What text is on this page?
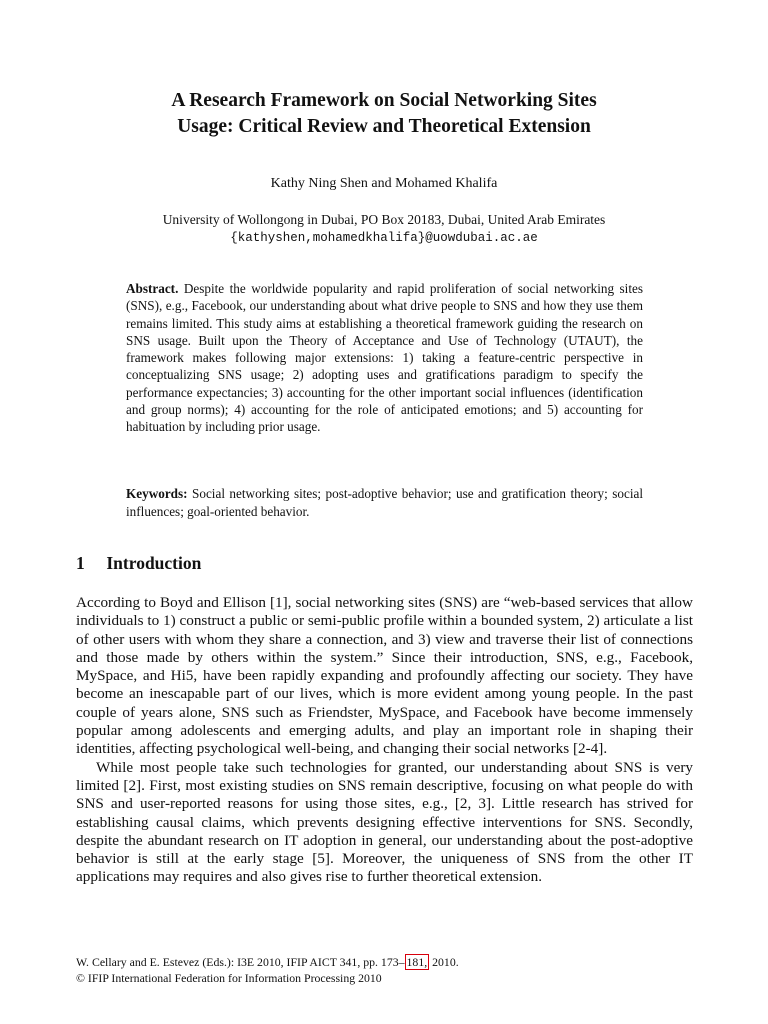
A Research Framework on Social Networking Sites
Usage: Critical Review and Theoretical Extension
Kathy Ning Shen and Mohamed Khalifa
University of Wollongong in Dubai, PO Box 20183, Dubai, United Arab Emirates
{kathyshen,mohamedkhalifa}@uowdubai.ac.ae
Abstract. Despite the worldwide popularity and rapid proliferation of social networking sites (SNS), e.g., Facebook, our understanding about what drive people to SNS and how they use them remains limited. This study aims at establishing a theoretical framework guiding the research on SNS usage. Built upon the Theory of Acceptance and Use of Technology (UTAUT), the framework makes following major extensions: 1) taking a feature-centric perspective in conceptualizing SNS usage; 2) adopting uses and gratifications paradigm to specify the performance expectancies; 3) accounting for the other important social influences (identification and group norms); 4) accounting for the role of anticipated emotions; and 5) accounting for habituation by including prior usage.
Keywords: Social networking sites; post-adoptive behavior; use and gratification theory; social influences; goal-oriented behavior.
1 Introduction

According to Boyd and Ellison [1], social networking sites (SNS) are “web-based services that allow individuals to 1) construct a public or semi-public profile within a bounded system, 2) articulate a list of other users with whom they share a connection, and 3) view and traverse their list of connections and those made by others within the system.” Since their introduction, SNS, e.g., Facebook, MySpace, and Hi5, have been rapidly expanding and profoundly affecting our society. They have become an inescapable part of our lives, which is more evident among young people. In the past couple of years alone, SNS such as Friendster, MySpace, and Facebook have become immensely popular among adolescents and emerging adults, and play an important role in shaping their identities, affecting psychological well-being, and changing their social networks [2-4].

While most people take such technologies for granted, our understanding about SNS is very limited [2]. First, most existing studies on SNS remain descriptive, focusing on what people do with SNS and user-reported reasons for using those sites, e.g., [2, 3]. Little research has strived for establishing causal claims, which prevents designing effective interventions for SNS. Secondly, despite the abundant research on IT adoption in general, our understanding about the post-adoptive behavior is still at the early stage [5]. Moreover, the uniqueness of SNS from the other IT applications may requires and also gives rise to further theoretical extension.

W. Cellary and E. Estevez (Eds.): I3E 2010, IFIP AICT 341, pp. 173– 181, 2010.
© IFIP International Federation for Information Processing 2010
